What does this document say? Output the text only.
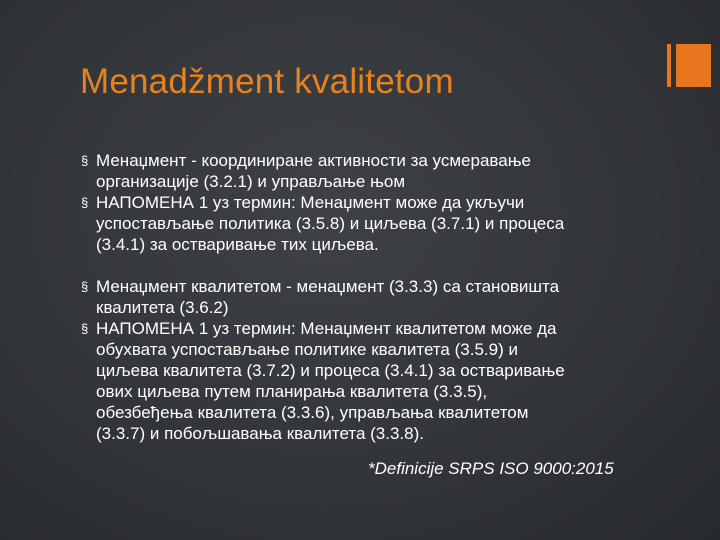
Menadžment kvalitetom
§ Менаџмент - координиране активности за усмеравање
организације (3.2.1) и управљање њом
§ НАПОМЕНА 1 уз термин: Менаџмент може да укључи
успостављање политика (3.5.8) и циљева (3.7.1) и процеса
(3.4.1) за остваривање тих циљева.
§ Менаџмент квалитетом - менаџмент (3.3.3) са становишта
квалитета (3.6.2)
§ НАПОМЕНА 1 уз термин: Менаџмент квалитетом може да
обухвата успостављање политике квалитета (3.5.9) и
циљева квалитета (3.7.2) и процеса (3.4.1) за остваривање
ових циљева путем планирања квалитета (3.3.5),
обезбеђења квалитета (3.3.6), управљања квалитетом
(3.3.7) и побољшавања квалитета (3.3.8).
*Definicije SRPS ISO 9000:2015
